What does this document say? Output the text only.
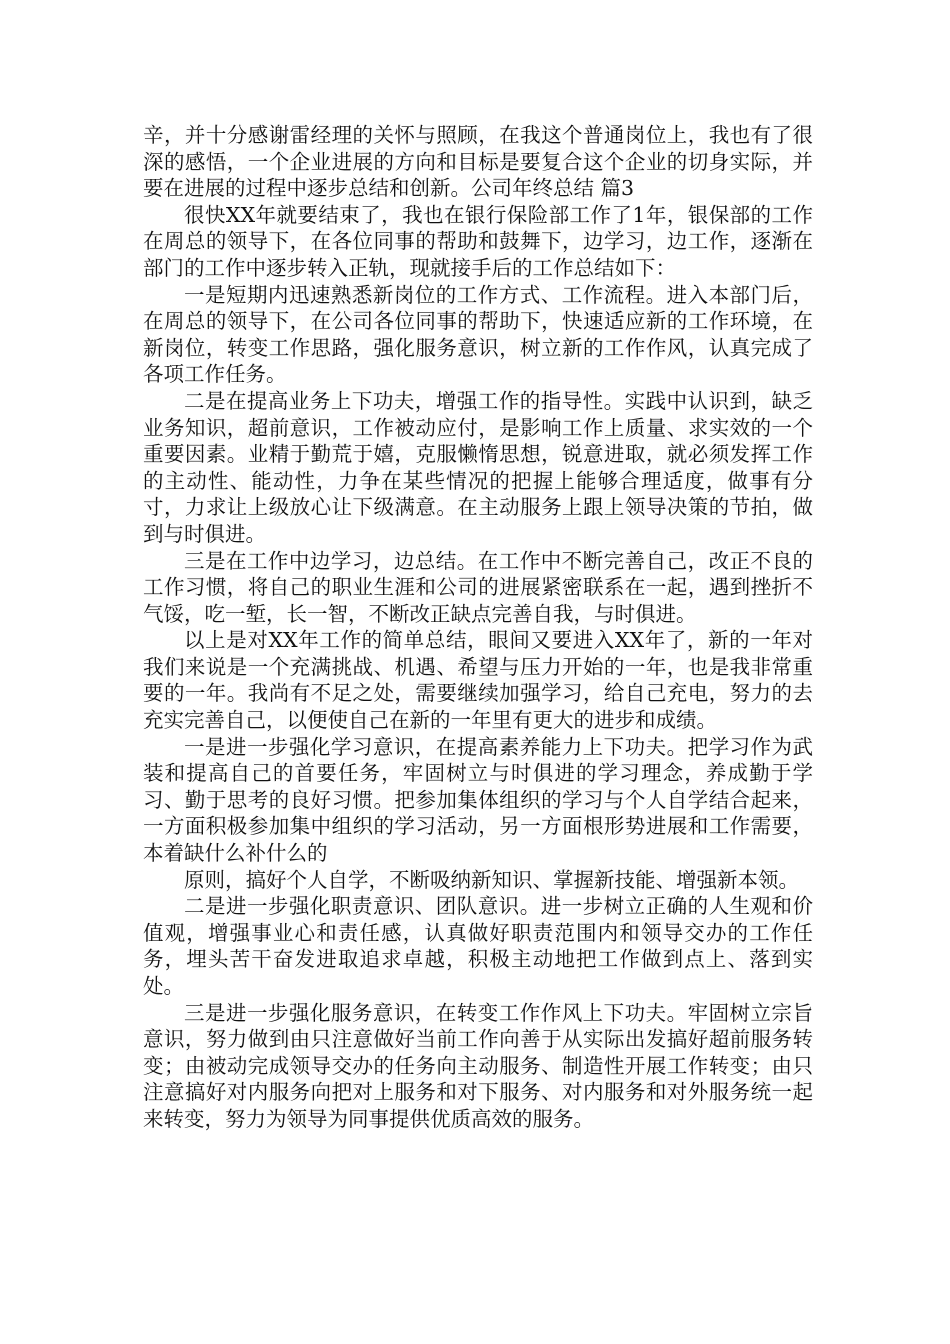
辛，并十分感谢雷经理的关怀与照顾，在我这个普通岗位上，我也有了很深的感悟，一个企业进展的方向和目标是要复合这个企业的切身实际，并要在进展的过程中逐步总结和创新。公司年终总结 篇3

很快XX年就要结束了，我也在银行保险部工作了1年，银保部的工作在周总的领导下，在各位同事的帮助和鼓舞下，边学习，边工作，逐渐在部门的工作中逐步转入正轨，现就接手后的工作总结如下：

一是短期内迅速熟悉新岗位的工作方式、工作流程。进入本部门后，在周总的领导下，在公司各位同事的帮助下，快速适应新的工作环境，在新岗位，转变工作思路，强化服务意识，树立新的工作作风，认真完成了各项工作任务。

二是在提高业务上下功夫，增强工作的指导性。实践中认识到，缺乏业务知识，超前意识，工作被动应付，是影响工作上质量、求实效的一个重要因素。业精于勤荒于嬉，克服懒惰思想，锐意进取，就必须发挥工作的主动性、能动性，力争在某些情况的把握上能够合理适度，做事有分寸，力求让上级放心让下级满意。在主动服务上跟上领导决策的节拍，做到与时俱进。

三是在工作中边学习，边总结。在工作中不断完善自己，改正不良的工作习惯，将自己的职业生涯和公司的进展紧密联系在一起，遇到挫折不气馁，吃一堑，长一智，不断改正缺点完善自我，与时俱进。

以上是对XX年工作的简单总结，眼间又要进入XX年了，新的一年对我们来说是一个充满挑战、机遇、希望与压力开始的一年，也是我非常重要的一年。我尚有不足之处，需要继续加强学习，给自己充电，努力的去充实完善自己，以便使自己在新的一年里有更大的进步和成绩。

一是进一步强化学习意识，在提高素养能力上下功夫。把学习作为武装和提高自己的首要任务，牢固树立与时俱进的学习理念，养成勤于学习、勤于思考的良好习惯。把参加集体组织的学习与个人自学结合起来，一方面积极参加集中组织的学习活动，另一方面根形势进展和工作需要，本着缺什么补什么的

原则，搞好个人自学，不断吸纳新知识、掌握新技能、增强新本领。

二是进一步强化职责意识、团队意识。进一步树立正确的人生观和价值观，增强事业心和责任感，认真做好职责范围内和领导交办的工作任务，埋头苦干奋发进取追求卓越，积极主动地把工作做到点上、落到实处。

三是进一步强化服务意识，在转变工作作风上下功夫。牢固树立宗旨意识，努力做到由只注意做好当前工作向善于从实际出发搞好超前服务转变；由被动完成领导交办的任务向主动服务、制造性开展工作转变；由只注意搞好对内服务向把对上服务和对下服务、对内服务和对外服务统一起来转变，努力为领导为同事提供优质高效的服务。
